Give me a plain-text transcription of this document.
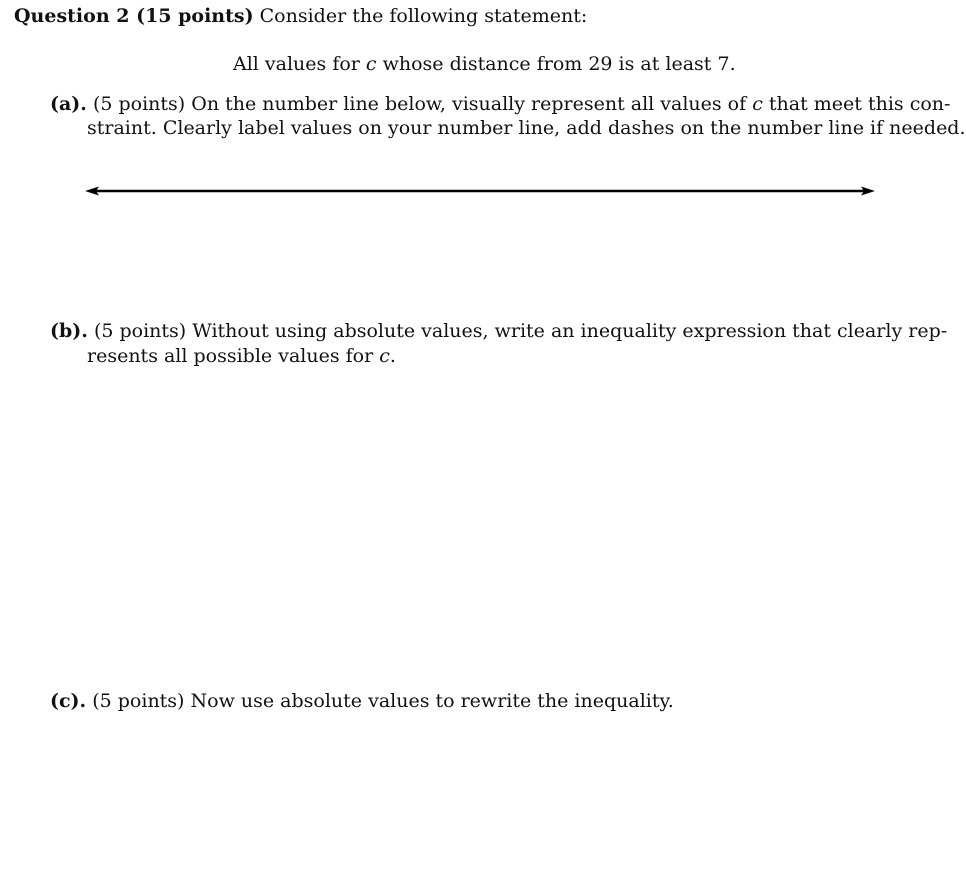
Question 2 (15 points) Consider the following statement:
All values for c whose distance from 29 is at least 7.
(a). (5 points) On the number line below, visually represent all values of c that meet this con-
straint. Clearly label values on your number line, add dashes on the number line if needed.
(b). (5 points) Without using absolute values, write an inequality expression that clearly rep-
resents all possible values for c.
(c). (5 points) Now use absolute values to rewrite the inequality.
